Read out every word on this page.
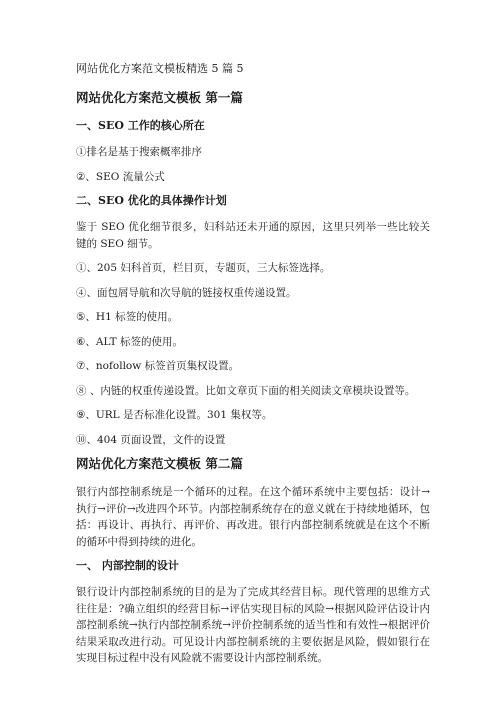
网站优化方案范文模板精选 5 篇 5
网站优化方案范文模板 第一篇
一、SEO 工作的核心所在
①排名是基于搜索概率排序
②、SEO 流量公式
二、SEO 优化的具体操作计划
鉴于 SEO 优化细节很多，妇科站还未开通的原因，这里只列举一些比较关键的 SEO 细节。
①、205 妇科首页，栏目页，专题页，三大标签选择。
④、面包屑导航和次导航的链接权重传递设置。
⑤、H1 标签的使用。
⑥、ALT 标签的使用。
⑦、nofollow 标签首页集权设置。
⑧ 、内链的权重传递设置。比如文章页下面的相关阅读文章模块设置等。
⑨、URL 是否标准化设置。301 集权等。
⑩、404 页面设置，文件的设置
网站优化方案范文模板 第二篇
银行内部控制系统是一个循环的过程。在这个循环系统中主要包括：设计→执行→评价→改进四个环节。内部控制系统存在的意义就在于持续地循环，包括：再设计、再执行、再评价、再改进。银行内部控制系统就是在这个不断的循环中得到持续的进化。
一、 内部控制的设计
银行设计内部控制系统的目的是为了完成其经营目标。现代管理的思维方式往往是：?确立组织的经营目标→评估实现目标的风险→根据风险评估设计内部控制系统→执行内部控制系统→评价控制系统的适当性和有效性→根据评价结果采取改进行动。可见设计内部控制系统的主要依据是风险，假如银行在实现目标过程中没有风险就不需要设计内部控制系统。
